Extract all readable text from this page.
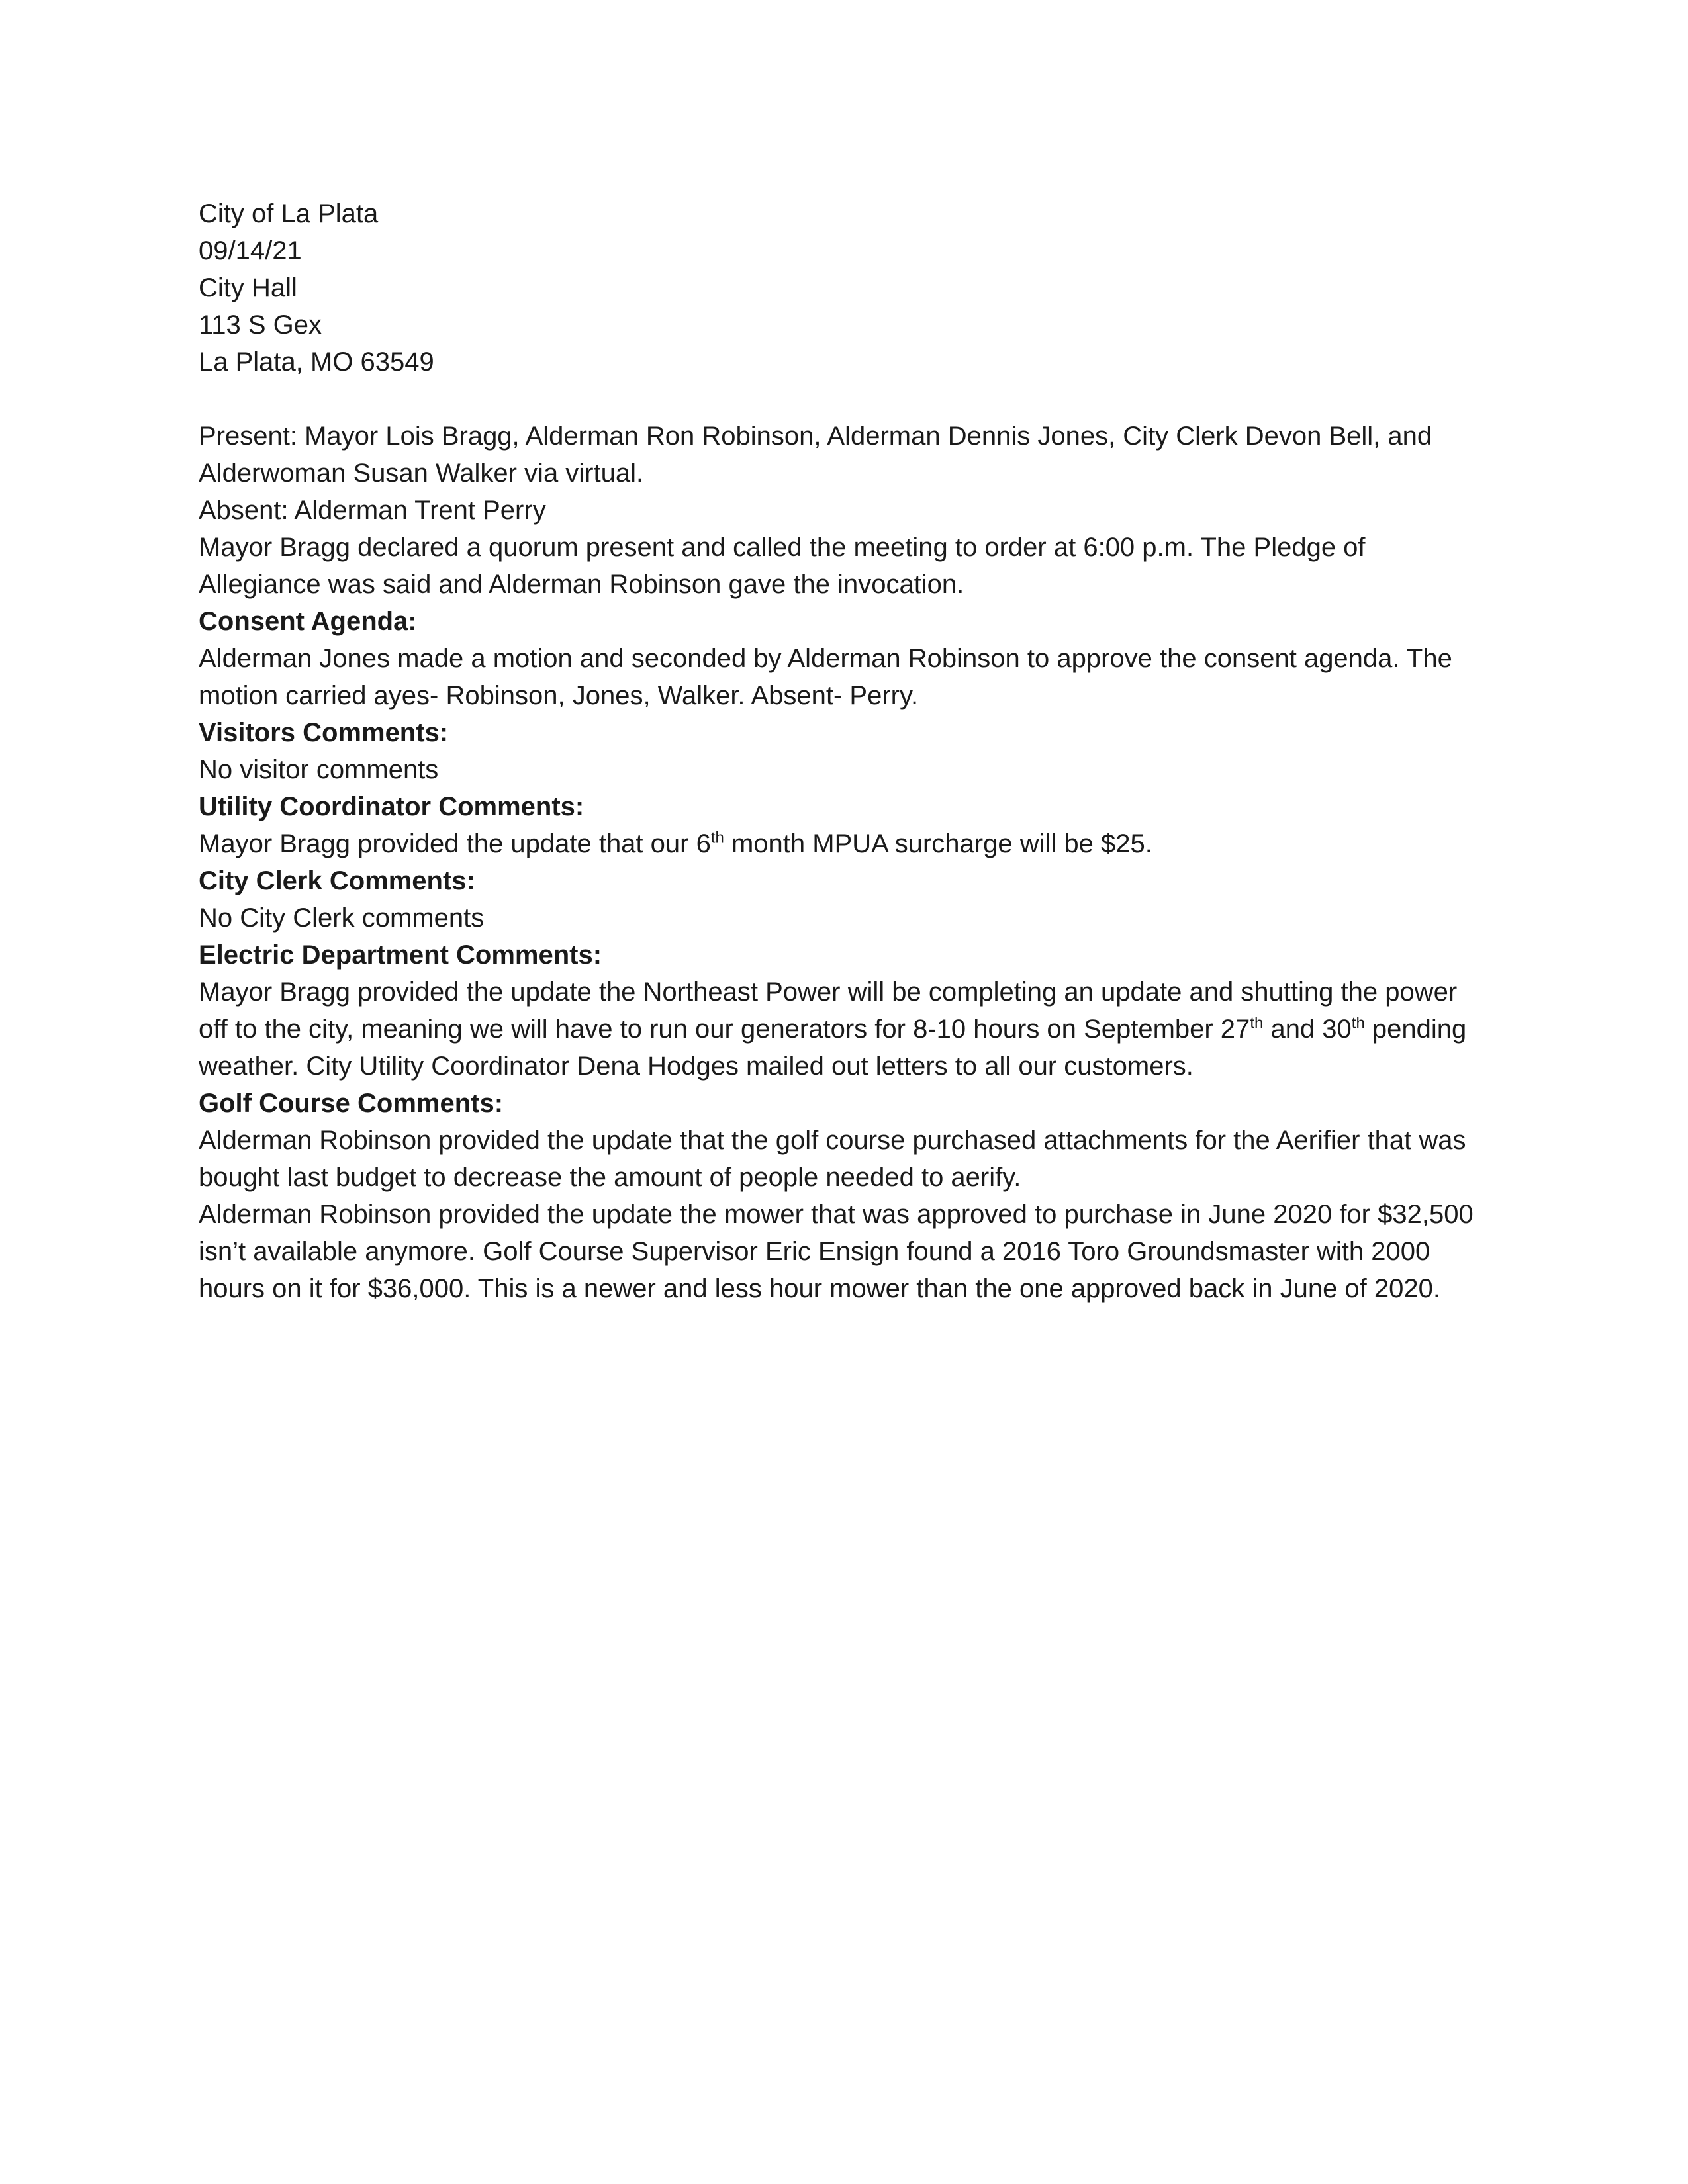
City of La Plata

09/14/21

City Hall

113 S Gex

La Plata, MO 63549

Present: Mayor Lois Bragg, Alderman Ron Robinson, Alderman Dennis Jones, City Clerk Devon Bell, and Alderwoman Susan Walker via virtual.

Absent: Alderman Trent Perry

Mayor Bragg declared a quorum present and called the meeting to order at 6:00 p.m. The Pledge of Allegiance was said and Alderman Robinson gave the invocation.

Consent Agenda:

Alderman Jones made a motion and seconded by Alderman Robinson to approve the consent agenda. The motion carried ayes- Robinson, Jones, Walker. Absent- Perry.

Visitors Comments:

No visitor comments

Utility Coordinator Comments:

Mayor Bragg provided the update that our 6th month MPUA surcharge will be $25.

City Clerk Comments:

No City Clerk comments

Electric Department Comments:

Mayor Bragg provided the update the Northeast Power will be completing an update and shutting the power off to the city, meaning we will have to run our generators for 8-10 hours on September 27th and 30th pending weather. City Utility Coordinator Dena Hodges mailed out letters to all our customers.

Golf Course Comments:

Alderman Robinson provided the update that the golf course purchased attachments for the Aerifier that was bought last budget to decrease the amount of people needed to aerify.

Alderman Robinson provided the update the mower that was approved to purchase in June 2020 for $32,500 isn’t available anymore. Golf Course Supervisor Eric Ensign found a 2016 Toro Groundsmaster with 2000 hours on it for $36,000. This is a newer and less hour mower than the one approved back in June of 2020.
